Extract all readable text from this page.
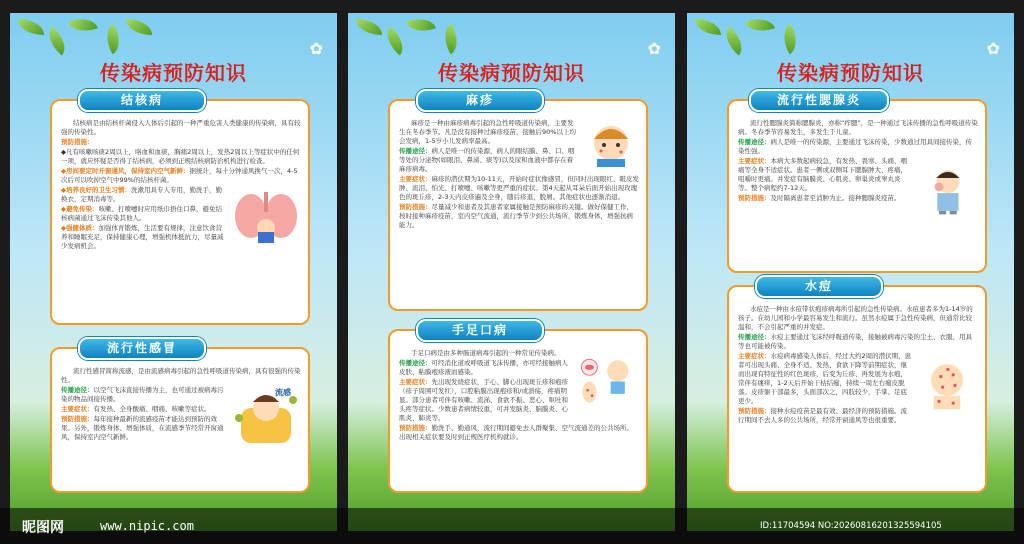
✿
传染病预防知识
结核病

结核病是由结核杆菌侵入人体后引起的一种严重危害人类健康的传染病，具有较强的传染性。

预防措施：

◆凡有咳嗽咳痰2周以上，咯血和血痰，胸痛2周以上，发热2周以上等症状中的任何一项，就应怀疑是否得了结核病，必须到正规结核病防治机构进行检查。

◆房间要定时开窗通风，保持室内空气新鲜：据统计，每十分钟通风换气一次，4-5次后可以吹掉空气中99%的结核杆菌。

◆培养良好的卫生习惯：洗漱用具专人专用，勤洗手，勤换衣，定期消毒等。

◆避免传染：咳嗽、打喷嚏时应用纸巾捂住口鼻，避免结核病菌通过飞沫传染其他人。

◆强健体质：加强体育锻炼，生活要有规律，注意饮食营养和睡眠充足，保持健康心理，增强机体抵抗力，尽量减少发病机会。

流行性感冒

流行性感冒简称流感，是由流感病毒引起的急性呼吸道传染病，具有很强的传染性。

流感

传播途径：以空气飞沫直接传播为主，也可通过被病毒污染的物品间接传播。

主要症状：有发热、全身酸痛、咽痛、咳嗽等症状。

预防措施：每年接种最新的流感疫苗才能达到预防的效果。另外，锻炼身体、增强体质，在流感季节经常开窗通风，保持室内空气新鲜。

✿
传染病预防知识
麻疹

麻疹是一种由麻疹病毒引起的急性呼吸道传染病，主要发生在冬春季节。凡是没有接种过麻疹疫苗，接触后90%以上均会发病，1-5岁小儿发病率最高。

传播途径：病人是唯一的传染源，病人的眼结膜、鼻、口、咽等处的分泌物(如眼泪、鼻涕、痰等)以及尿和血液中都存在着麻疹病毒。

主要症状：麻疹的潜伏期为10-11天，开始时症状像感冒，但同时出现眼红、眼皮发肿、流泪、怕光、打喷嚏、咳嗽等更严重的症状。第4天起从耳朵后面开始出现玫瑰色的斑丘疹，2-3天内皮疹遍及全身，随后疹退，脱屑。其他症状也逐渐消退。

预防措施：尽量减少和患者及其患者家属接触是预防麻疹的关键。做好保健工作，按时接种麻疹疫苗，室内空气流通，流行季节少到公共场所，锻炼身体，增强抗病能力。

手足口病

手足口病是由多种肠道病毒引起的一种常见传染病。

传播途径：可经消化道或呼吸道飞沫传播，亦可经接触病人皮肤、粘膜疱疹液而感染。

主要症状：先出现发烧症状，手心、脚心出现斑丘疹和疱疹（疹子周围可发红），口腔粘膜出现疱疹和/或溃疡，疼痛明显。部分患者可伴有咳嗽、流涕、食欲不振、恶心、呕吐和头疼等症状。少数患者病情较重，可并发脑炎、脑膜炎、心肌炎、肺炎等。

预防措施：勤洗手、勤通风，流行期间避免去人群聚集、空气流通差的公共场所。出现相关症状要及时到正规医疗机构就诊。

✿
传染病预防知识
流行性腮腺炎

流行性腮腺炎简称腮腺炎，亦称“痄腮”，是一种通过飞沫传播的急性呼吸道传染病。冬春季节容易发生，多发生于儿童。

传播途径：病人是唯一的传染源，主要通过飞沫传染，少数通过用具间接传染，传染性强。

主要症状：本病大多数起病较急，有发热、畏寒、头痛、咽痛等全身不适症状。患者一侧或双侧耳下腮腺肿大、疼痛，咀嚼时更痛。并发症有脑膜炎、心肌炎、卵巢炎或睾丸炎等。整个病程约7-12天。

预防措施：及时隔离患者至消肿为止。接种腮腺炎疫苗。

水痘

水痘是一种由水痘带状疱疹病毒所引起的急性传染病。水痘患者多为1-14岁的孩子。在幼儿园和小学最容易发生和流行。虽然水痘属于急性传染病，但通常比较温和，不会引起严重的并发症。

传播途径：水痘主要通过飞沫经呼吸道传染，接触被病毒污染的尘土、衣服、用具等也可能被传染。

主要症状：水痘病毒感染人体后，经过大约2周的潜伏期，患者可出现头痛、全身不适、发热、食欲下降等前期症状，继而出现有特征性的红色斑疹，后变为丘疹、再发展为水疱，常伴有瘙痒，1-2天后开始干枯结痂，持续一周左右痂皮脱落。皮疹躯干部最多，头面部次之，四肢较少，手掌、足底更少。

预防措施：接种水痘疫苗是最有效、最经济的预防措施。流行期间不去人多的公共场所，经常开窗通风等也很重要。

昵图网	www.nipic.com	ID:11704594 NO:20260816201325594105
